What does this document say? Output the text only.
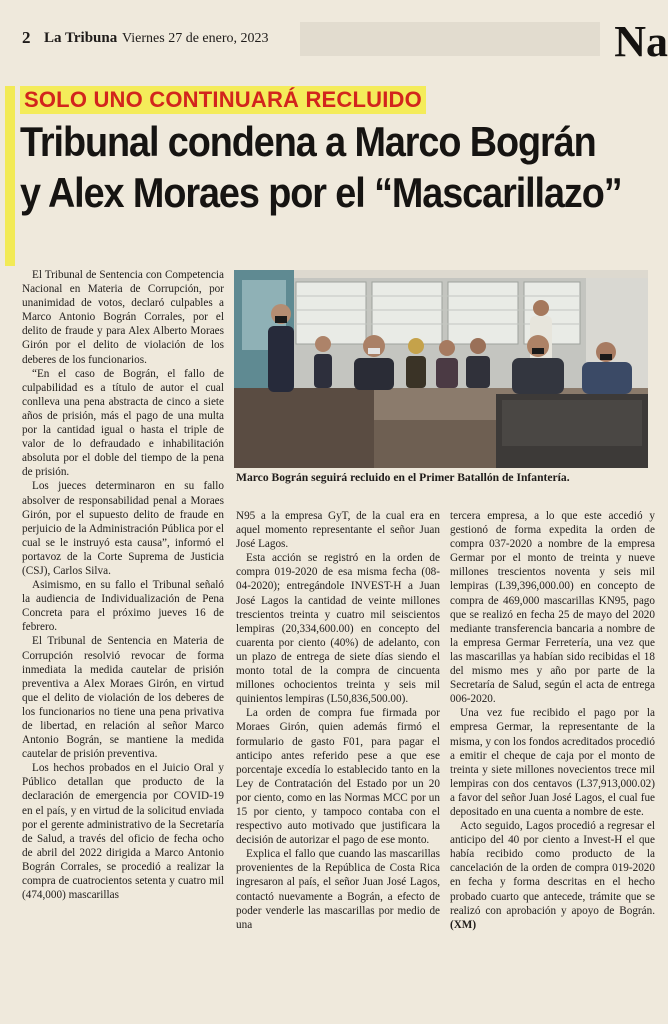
2 La Tribuna Viernes 27 de enero, 2023	Na
SOLO UNO CONTINUARÁ RECLUIDO
Tribunal condena a Marco Bográn
y Alex Moraes por el “Mascarillazo”

El Tribunal de Sentencia con Competencia Nacional en Materia de Corrupción, por unanimidad de votos, declaró culpables a Marco Antonio Bográn Corrales, por el delito de fraude y para Alex Alberto Moraes Girón por el delito de violación de los deberes de los funcionarios.

“En el caso de Bográn, el fallo de culpabilidad es a título de autor el cual conlleva una pena abstracta de cinco a siete años de prisión, más el pago de una multa por la cantidad igual o hasta el triple de valor de lo defraudado e inhabilitación absoluta por el doble del tiempo de la pena de prisión.

Los jueces determinaron en su fallo absolver de responsabilidad penal a Moraes Girón, por el supuesto delito de fraude en perjuicio de la Administración Pública por el cual se le instruyó esta causa”, informó el portavoz de la Corte Suprema de Justicia (CSJ), Carlos Silva.

Asimismo, en su fallo el Tribunal señaló la audiencia de Individualización de Pena Concreta para el próximo jueves 16 de febrero.

El Tribunal de Sentencia en Materia de Corrupción resolvió revocar de forma inmediata la medida cautelar de prisión preventiva a Alex Moraes Girón, en virtud que el delito de violación de los deberes de los funcionarios no tiene una pena privativa de libertad, en relación al señor Marco Antonio Bográn, se mantiene la medida cautelar de prisión preventiva.

Los hechos probados en el Juicio Oral y Público detallan que producto de la declaración de emergencia por COVID-19 en el país, y en virtud de la solicitud enviada por el gerente administrativo de la Secretaría de Salud, a través del oficio de fecha ocho de abril del 2022 dirigida a Marco Antonio Bográn Corrales, se procedió a realizar la compra de cuatrocientos setenta y cuatro mil (474,000) mascarillas

Marco Bográn seguirá recluido en el Primer Batallón de Infantería.

N95 a la empresa GyT, de la cual era en aquel momento representante el señor Juan José Lagos.

Esta acción se registró en la orden de compra 019-2020 de esa misma fecha (08-04-2020); entregándole INVEST-H a Juan José Lagos la cantidad de veinte millones trescientos treinta y cuatro mil seiscientos lempiras (20,334,600.00) en concepto del cuarenta por ciento (40%) de adelanto, con un plazo de entrega de siete días siendo el monto total de la compra de cincuenta millones ochocientos treinta y seis mil quinientos lempiras (L50,836,500.00).

La orden de compra fue firmada por Moraes Girón, quien además firmó el formulario de gasto F01, para pagar el anticipo antes referido pese a que ese porcentaje excedía lo establecido tanto en la Ley de Contratación del Estado por un 20 por ciento, como en las Normas MCC por un 15 por ciento, y tampoco contaba con el respectivo auto motivado que justificara la decisión de autorizar el pago de ese monto.

Explica el fallo que cuando las mascarillas provenientes de la República de Costa Rica ingresaron al país, el señor Juan José Lagos, contactó nuevamente a Bográn, a efecto de poder venderle las mascarillas por medio de una

tercera empresa, a lo que este accedió y gestionó de forma expedita la orden de compra 037-2020 a nombre de la empresa Germar por el monto de treinta y nueve millones trescientos noventa y seis mil lempiras (L39,396,000.00) en concepto de compra de 469,000 mascarillas KN95, pago que se realizó en fecha 25 de mayo del 2020 mediante transferencia bancaria a nombre de la empresa Germar Ferretería, una vez que las mascarillas ya habían sido recibidas el 18 del mismo mes y año por parte de la Secretaría de Salud, según el acta de entrega 006-2020.

Una vez fue recibido el pago por la empresa Germar, la representante de la misma, y con los fondos acreditados procedió a emitir el cheque de caja por el monto de treinta y siete millones novecientos trece mil lempiras con dos centavos (L37,913,000.02) a favor del señor Juan José Lagos, el cual fue depositado en una cuenta a nombre de este.

Acto seguido, Lagos procedió a regresar el anticipo del 40 por ciento a Invest-H el que había recibido como producto de la cancelación de la orden de compra 019-2020 en fecha y forma descritas en el hecho probado cuarto que antecede, trámite que se realizó con aprobación y apoyo de Bográn. (XM)
